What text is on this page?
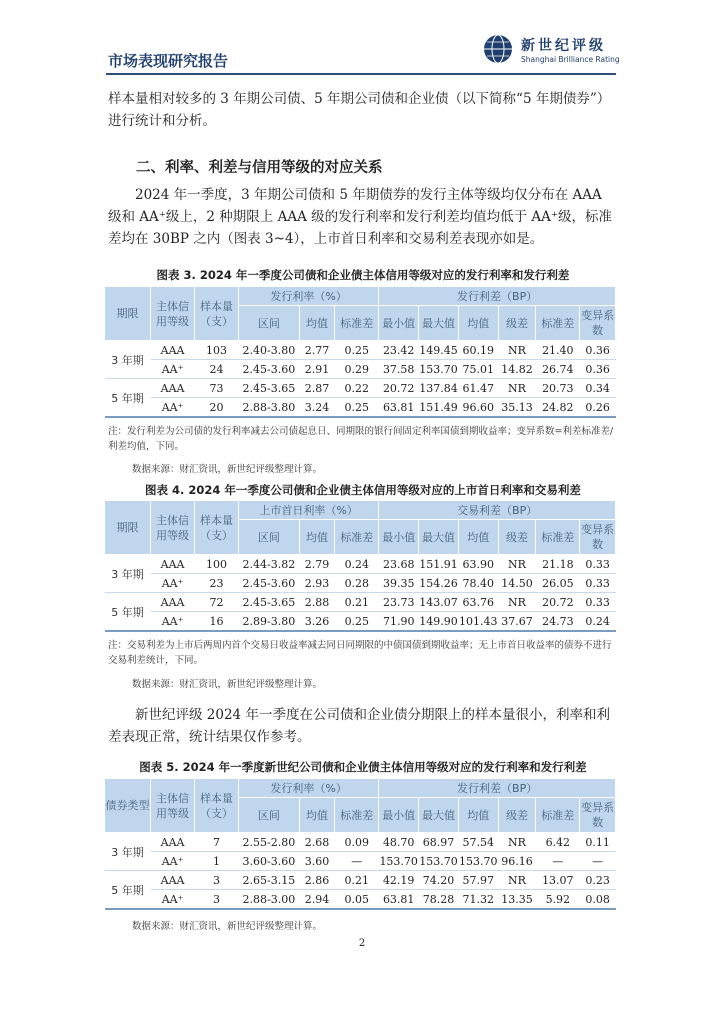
市场表现研究报告
新世纪评级
Shanghai Brilliance Rating

样本量相对较多的 3 年期公司债、5 年期公司债和企业债（以下简称“5 年期债券”）进行统计和分析。

二、利率、利差与信用等级的对应关系

2024 年一季度，3 年期公司债和 5 年期债券的发行主体等级均仅分布在 AAA 级和 AA⁺级上，2 种期限上 AAA 级的发行利率和发行利差均值均低于 AA⁺级，标准差均在 30BP 之内（图表 3~4），上市首日利率和交易利差表现亦如是。

图表 3. 2024 年一季度公司债和企业债主体信用等级对应的发行利率和发行利差
期限	主体信用等级	样本量（支）	发行利率（%）			发行利差（BP）					
			区间	均值	标准差	最小值	最大值	均值	级差	标准差	变异系数
3 年期	AAA	103	2.40-3.80	2.77	0.25	23.42	149.45	60.19	NR	21.40	0.36
	AA⁺	24	2.45-3.60	2.91	0.29	37.58	153.70	75.01	14.82	26.74	0.36
5 年期	AAA	73	2.45-3.65	2.87	0.22	20.72	137.84	61.47	NR	20.73	0.34
	AA⁺	20	2.88-3.80	3.24	0.25	63.81	151.49	96.60	35.13	24.82	0.26

注：发行利差为公司债的发行利率减去公司债起息日、同期限的银行间固定利率国债到期收益率；变异系数=利差标准差/利差均值，下同。

数据来源：财汇资讯，新世纪评级整理计算。

图表 4. 2024 年一季度公司债和企业债主体信用等级对应的上市首日利率和交易利差
期限	主体信用等级	样本量（支）	上市首日利率（%）			交易利差（BP）					
			区间	均值	标准差	最小值	最大值	均值	级差	标准差	变异系数
3 年期	AAA	100	2.44-3.82	2.79	0.24	23.68	151.91	63.90	NR	21.18	0.33
	AA⁺	23	2.45-3.60	2.93	0.28	39.35	154.26	78.40	14.50	26.05	0.33
5 年期	AAA	72	2.45-3.65	2.88	0.21	23.73	143.07	63.76	NR	20.72	0.33
	AA⁺	16	2.89-3.80	3.26	0.25	71.90	149.90	101.43	37.67	24.73	0.24

注：交易利差为上市后两周内首个交易日收益率减去同日同期限的中债国债到期收益率；无上市首日收益率的债券不进行交易利差统计，下同。

数据来源：财汇资讯，新世纪评级整理计算。

新世纪评级 2024 年一季度在公司债和企业债分期限上的样本量很小，利率和利差表现正常，统计结果仅作参考。

图表 5. 2024 年一季度新世纪公司债和企业债主体信用等级对应的发行利率和发行利差
债券类型	主体信用等级	样本量（支）	发行利率（%）			发行利差（BP）					
			区间	均值	标准差	最小值	最大值	均值	级差	标准差	变异系数
3 年期	AAA	7	2.55-2.80	2.68	0.09	48.70	68.97	57.54	NR	6.42	0.11
	AA⁺	1	3.60-3.60	3.60	—	153.70	153.70	153.70	96.16	—	—
5 年期	AAA	3	2.65-3.15	2.86	0.21	42.19	74.20	57.97	NR	13.07	0.23
	AA⁺	3	2.88-3.00	2.94	0.05	63.81	78.28	71.32	13.35	5.92	0.08

数据来源：财汇资讯，新世纪评级整理计算。

2
